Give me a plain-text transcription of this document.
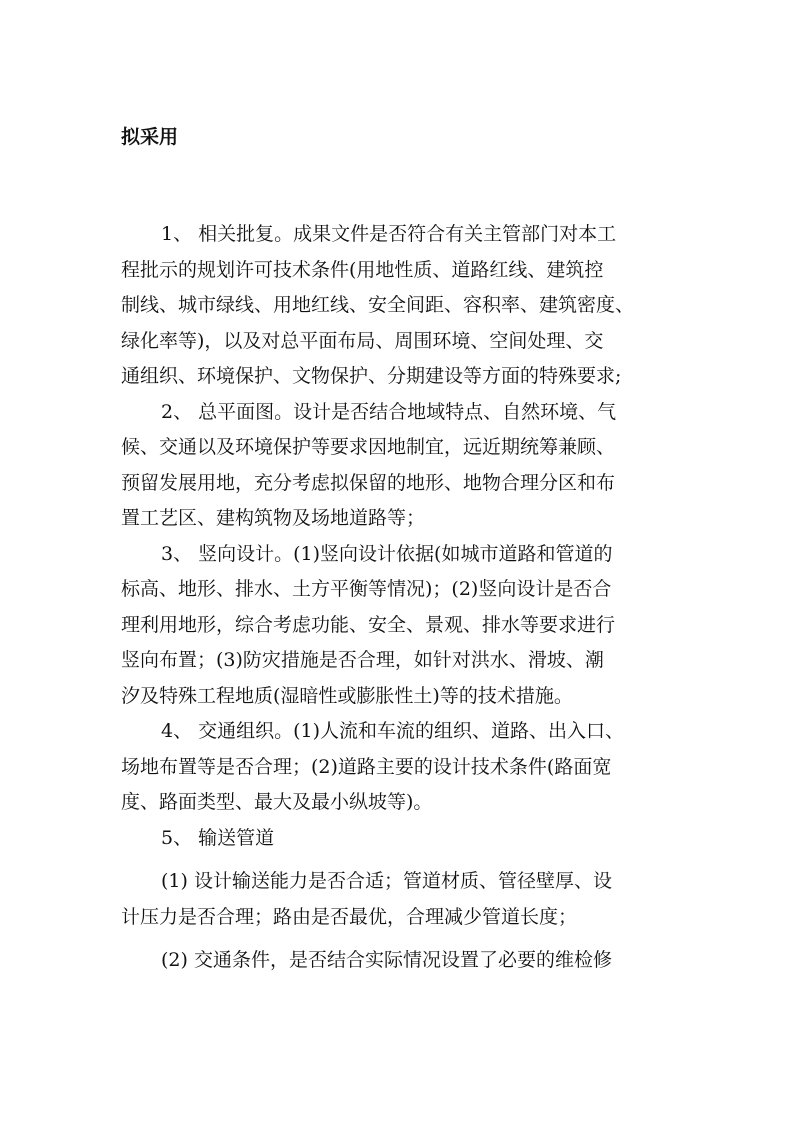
拟采用
1、 相关批复。成果文件是否符合有关主管部门对本工
程批示的规划许可技术条件(用地性质、道路红线、建筑控
制线、城市绿线、用地红线、安全间距、容积率、建筑密度、
绿化率等)，以及对总平面布局、周围环境、空间处理、交
通组织、环境保护、文物保护、分期建设等方面的特殊要求;
2、 总平面图。设计是否结合地域特点、自然环境、气
候、交通以及环境保护等要求因地制宜，远近期统筹兼顾、
预留发展用地，充分考虑拟保留的地形、地物合理分区和布
置工艺区、建构筑物及场地道路等；
3、 竖向设计。(1)竖向设计依据(如城市道路和管道的
标高、地形、排水、土方平衡等情况)；(2)竖向设计是否合
理利用地形，综合考虑功能、安全、景观、排水等要求进行
竖向布置；(3)防灾措施是否合理，如针对洪水、滑坡、潮
汐及特殊工程地质(湿暗性或膨胀性土)等的技术措施。
4、 交通组织。(1)人流和车流的组织、道路、出入口、
场地布置等是否合理；(2)道路主要的设计技术条件(路面宽
度、路面类型、最大及最小纵坡等)。
5、 输送管道
(1) 设计输送能力是否合适；管道材质、管径壁厚、设
计压力是否合理；路由是否最优，合理减少管道长度；
(2) 交通条件，是否结合实际情况设置了必要的维检修
